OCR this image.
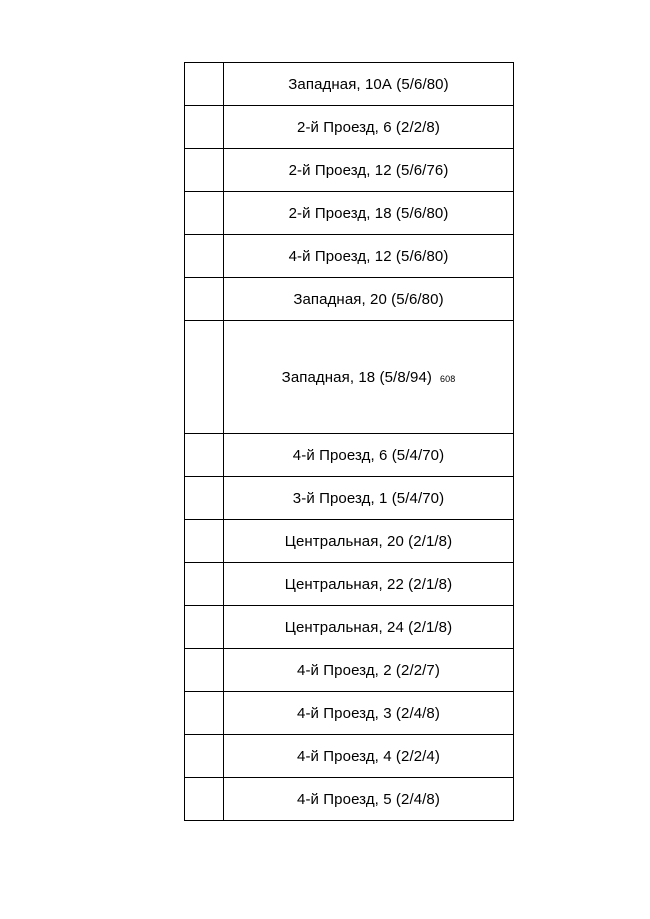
	Западная, 10А (5/6/80)
	2-й Проезд, 6 (2/2/8)
	2-й Проезд, 12 (5/6/76)
	2-й Проезд, 18 (5/6/80)
	4-й Проезд, 12 (5/6/80)
	Западная, 20 (5/6/80)
	Западная, 18 (5/8/94) 608
	4-й Проезд, 6 (5/4/70)
	3-й Проезд, 1 (5/4/70)
	Центральная, 20 (2/1/8)
	Центральная, 22 (2/1/8)
	Центральная, 24 (2/1/8)
	4-й Проезд, 2 (2/2/7)
	4-й Проезд, 3 (2/4/8)
	4-й Проезд, 4 (2/2/4)
	4-й Проезд, 5 (2/4/8)
